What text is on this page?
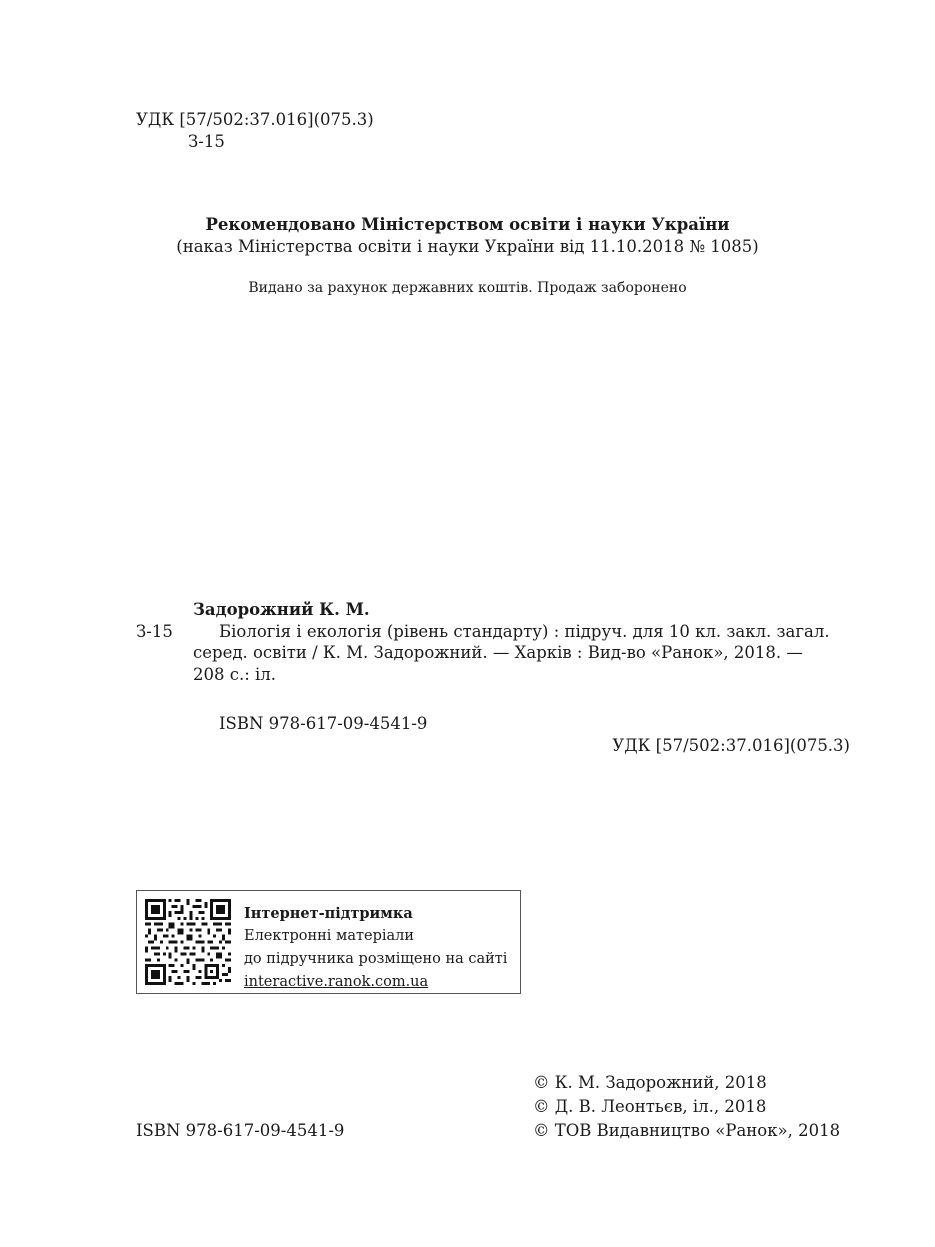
УДК [57/502:37.016](075.3)
З-15
Рекомендовано Міністерством освіти і науки України
(наказ Міністерства освіти і науки України від 11.10.2018 № 1085)
Видано за рахунок державних коштів. Продаж заборонено
Задорожний К. М.
З-15	Біологія і екологія (рівень стандарту) : підруч. для 10 кл. закл. загал.
серед. освіти / К. М. Задорожний. — Харків : Вид-во «Ранок», 2018. —
208 с.: іл.
ISBN 978-617-09-4541-9
УДК [57/502:37.016](075.3)
Інтернет-підтримка
Електронні матеріали
до підручника розміщено на сайті
interactive.ranok.com.ua
ISBN 978-617-09-4541-9
© К. М. Задорожний, 2018
© Д. В. Леонтьєв, іл., 2018
© ТОВ Видавництво «Ранок», 2018
